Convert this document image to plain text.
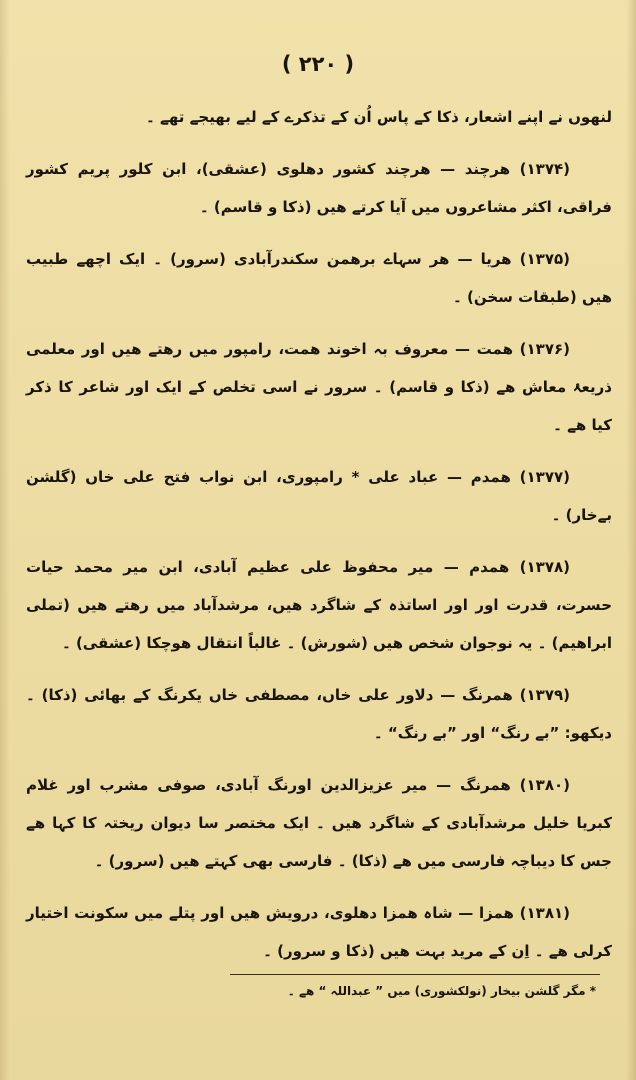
( ۲۲۰ )

لنھوں نے اپنے اشعار، ذکا کے پاس اُن کے تذکرے کے لیے بھیجے تھے ۔

(۱۳۷۴) ھرچند — ھرچند کشور دھلوی (عشقی)، ابن کلور پریم کشور فراقی، اکثر مشاعروں میں آیا کرتے ھیں (ذکا و قاسم) ۔

(۱۳۷۵) ھریا — ھر سہاے برھمن سکندرآبادی (سرور) ۔ ایک اچھے طبیب ھیں (طبقات سخن) ۔

(۱۳۷۶) ھمت — معروف بہ اخوند ھمت، رامپور میں رھتے ھیں اور معلمی ذریعۂ معاش ھے (ذکا و قاسم) ۔ سرور نے اسی تخلص کے ایک اور شاعر کا ذکر کیا ھے ۔

(۱۳۷۷) ھمدم — عباد علی * رامپوری، ابن نواب فتح علی خاں (گلشن بےخار) ۔

(۱۳۷۸) ھمدم — میر محفوظ علی عظیم آبادی، ابن میر محمد حیات حسرت، قدرت اور اور اساتذہ کے شاگرد ھیں، مرشدآباد میں رھتے ھیں (تملی ابراھیم) ۔ یہ نوجوان شخص ھیں (شورش) ۔ غالباً انتقال ھوچکا (عشقی) ۔

(۱۳۷۹) ھمرنگ — دلاور علی خاں، مصطفی خاں یکرنگ کے بھائی (ذکا) ۔ دیکھو: ”بے رنگ“ اور ”بے رنگ“ ۔

(۱۳۸۰) ھمرنگ — میر عزیزالدین اورنگ آبادی، صوفی مشرب اور غلام کبریا خلیل مرشدآبادی کے شاگرد ھیں ۔ ایک مختصر سا دیوان ریختہ کا کہا ھے جس کا دیباچہ فارسی میں ھے (ذکا) ۔ فارسی بھی کہتے ھیں (سرور) ۔

(۱۳۸۱) ھمزا — شاہ ھمزا دھلوی، درویش ھیں اور پتلے میں سکونت اختیار کرلی ھے ۔ اِن کے مرید بہت ھیں (ذکا و سرور) ۔

* مگر گلشن بیخار (نولکشوری) میں ” عبداللہ “ ھے ۔
